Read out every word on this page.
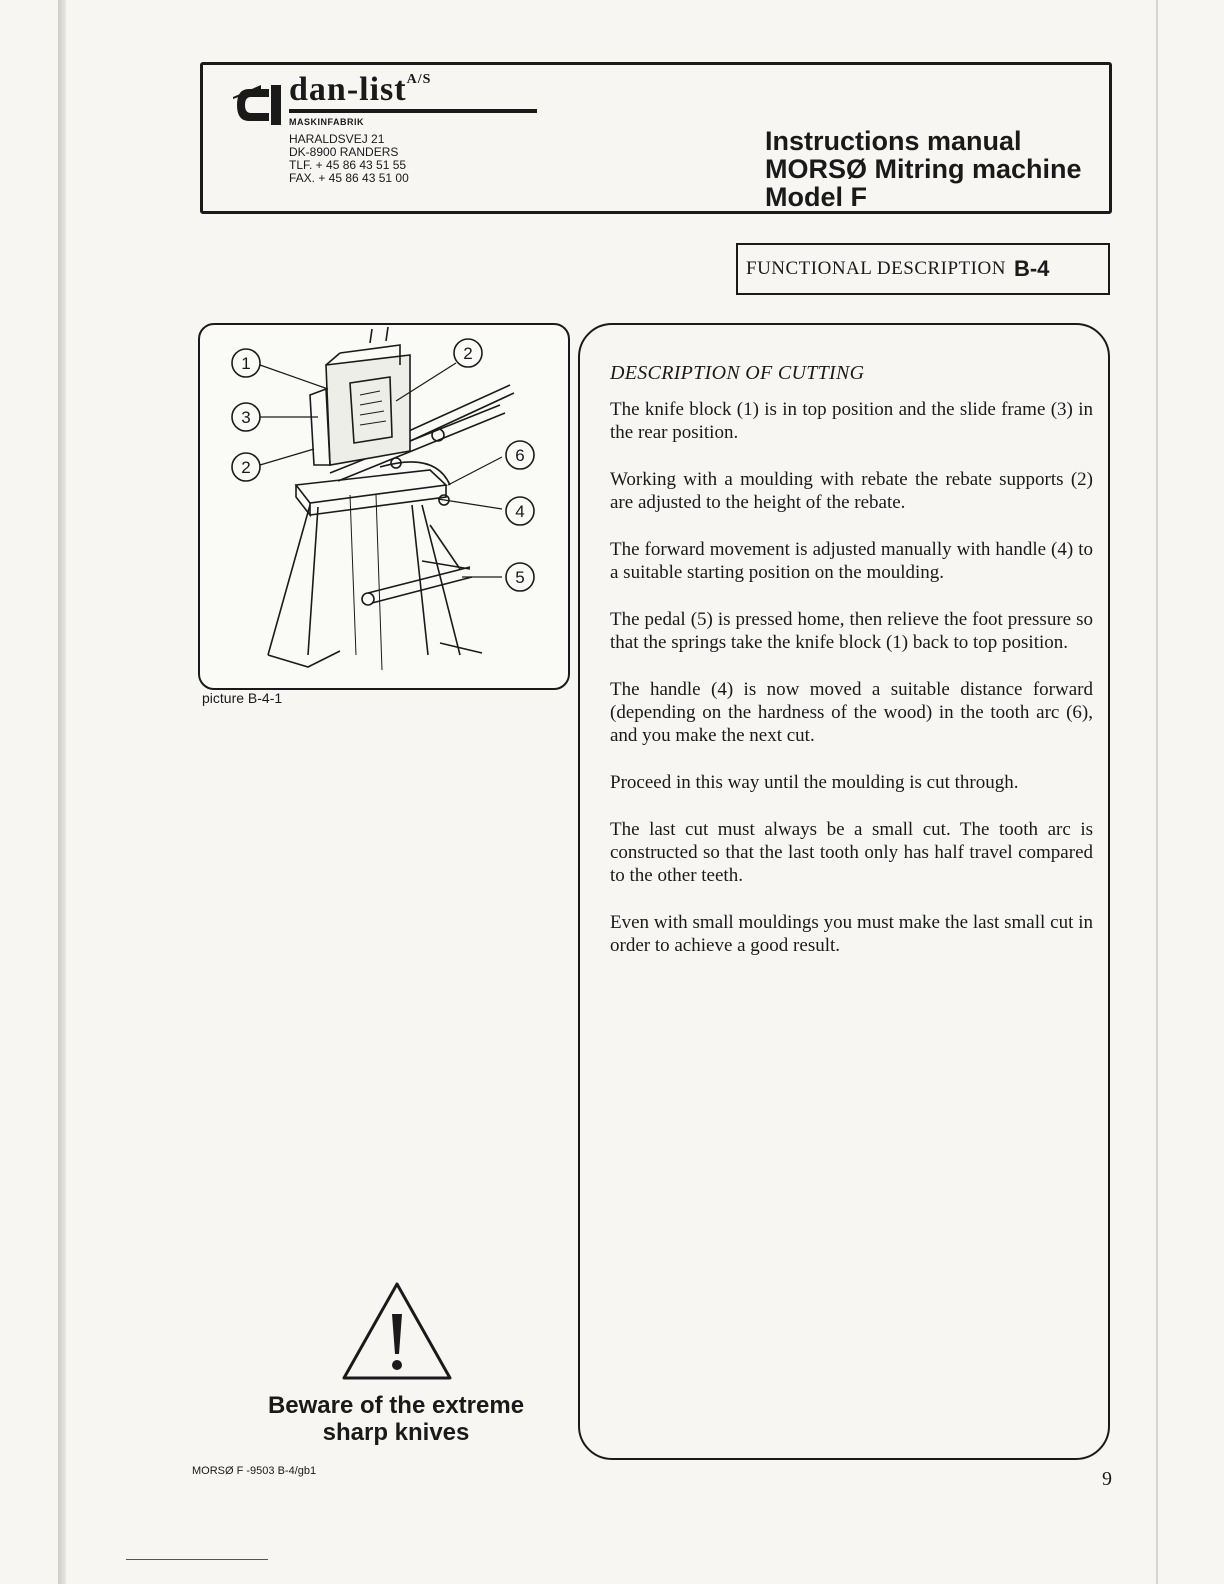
dan-list$^{A/S}$
MASKINFABRIK
HARALDSVEJ 21
DK-8900 RANDERS
TLF. + 45 86 43 51 55
FAX. + 45 86 43 51 00
Instructions manual
MORSØ Mitring machine
Model F
FUNCTIONAL DESCRIPTION B-4
1
2
3
2
6
4
5
picture B-4-1
DESCRIPTION OF CUTTING

The knife block (1) is in top position and the slide frame (3) in the rear position.

Working with a moulding with rebate the rebate supports (2) are adjusted to the height of the rebate.

The forward movement is adjusted manually with handle (4) to a suitable starting position on the moulding.

The pedal (5) is pressed home, then relieve the foot pressure so that the springs take the knife block (1) back to top position.

The handle (4) is now moved a suitable distance forward (depending on the hardness of the wood) in the tooth arc (6), and you make the next cut.

Proceed in this way until the moulding is cut through.

The last cut must always be a small cut. The tooth arc is constructed so that the last tooth only has half travel compared to the other teeth.

Even with small mouldings you must make the last small cut in order to achieve a good result.

Beware of the extreme
sharp knives
MORSØ F -9503 B-4/gb1	9
